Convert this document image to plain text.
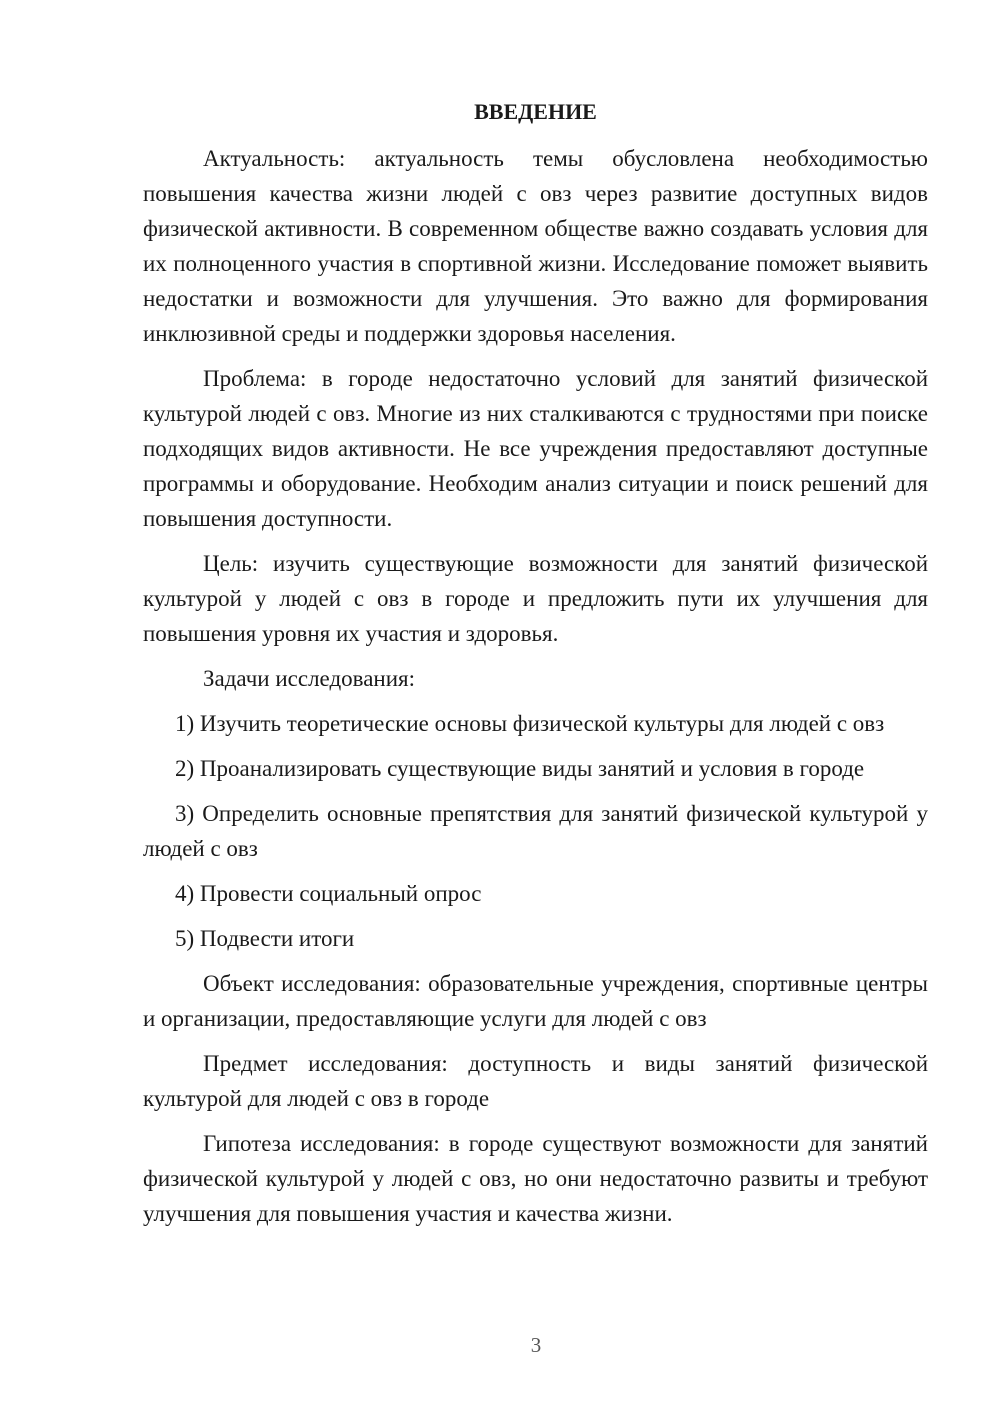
ВВЕДЕНИЕ

Актуальность: актуальность темы обусловлена необходимостью повышения качества жизни людей с овз через развитие доступных видов физической активности. В современном обществе важно создавать условия для их полноценного участия в спортивной жизни. Исследование поможет выявить недостатки и возможности для улучшения. Это важно для формирования инклюзивной среды и поддержки здоровья населения.

Проблема: в городе недостаточно условий для занятий физической культурой людей с овз. Многие из них сталкиваются с трудностями при поиске подходящих видов активности. Не все учреждения предоставляют доступные программы и оборудование. Необходим анализ ситуации и поиск решений для повышения доступности.

Цель: изучить существующие возможности для занятий физической культурой у людей с овз в городе и предложить пути их улучшения для повышения уровня их участия и здоровья.

Задачи исследования:

1) Изучить теоретические основы физической культуры для людей с овз

2) Проанализировать существующие виды занятий и условия в городе

3) Определить основные препятствия для занятий физической культурой у людей с овз

4) Провести социальный опрос

5) Подвести итоги

Объект исследования: образовательные учреждения, спортивные центры и организации, предоставляющие услуги для людей с овз

Предмет исследования: доступность и виды занятий физической культурой для людей с овз в городе

Гипотеза исследования: в городе существуют возможности для занятий физической культурой у людей с овз, но они недостаточно развиты и требуют улучшения для повышения участия и качества жизни.

3
